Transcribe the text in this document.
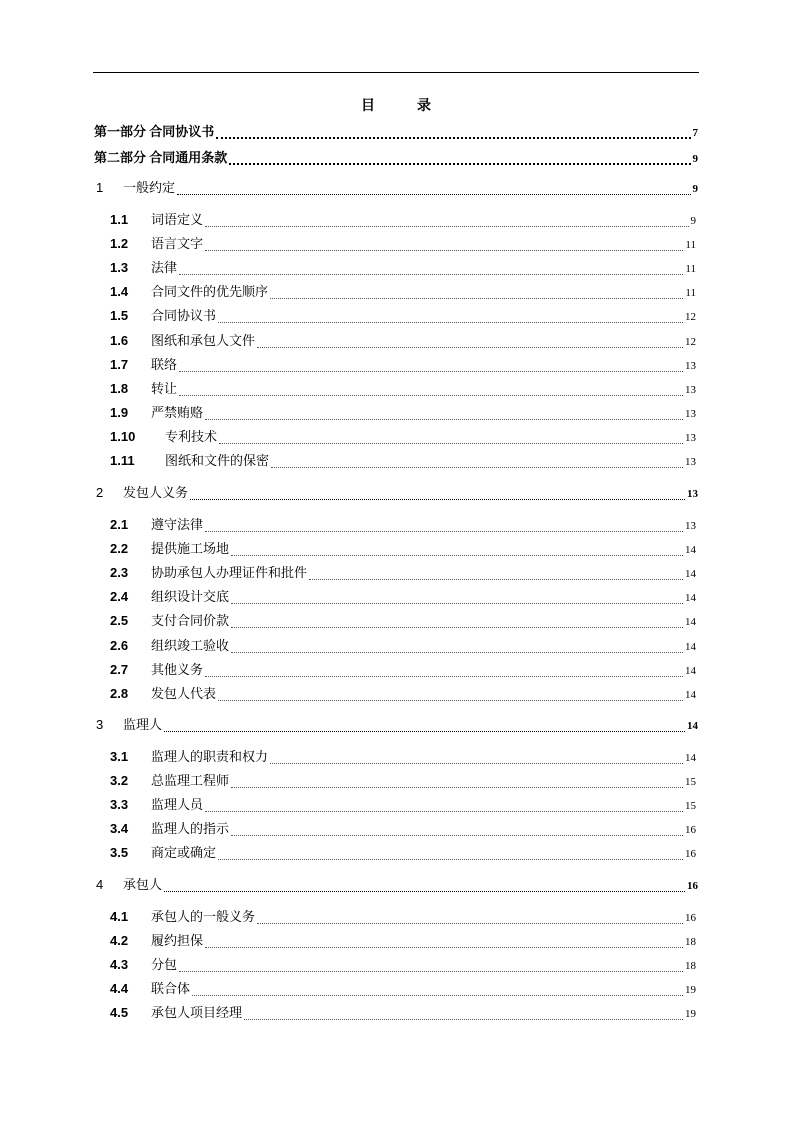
目	录
第一部分 合同协议书	7
第二部分 合同通用条款	9
1	一般约定	9
1.1	词语定义	9
1.2	语言文字	11
1.3	法律	11
1.4	合同文件的优先顺序	11
1.5	合同协议书	12
1.6	图纸和承包人文件	12
1.7	联络	13
1.8	转让	13
1.9	严禁贿赂	13
1.10	专利技术	13
1.11	图纸和文件的保密	13
2	发包人义务	13
2.1	遵守法律	13
2.2	提供施工场地	14
2.3	协助承包人办理证件和批件	14
2.4	组织设计交底	14
2.5	支付合同价款	14
2.6	组织竣工验收	14
2.7	其他义务	14
2.8	发包人代表	14
3	监理人	14
3.1	监理人的职责和权力	14
3.2	总监理工程师	15
3.3	监理人员	15
3.4	监理人的指示	16
3.5	商定或确定	16
4	承包人	16
4.1	承包人的一般义务	16
4.2	履约担保	18
4.3	分包	18
4.4	联合体	19
4.5	承包人项目经理	19
